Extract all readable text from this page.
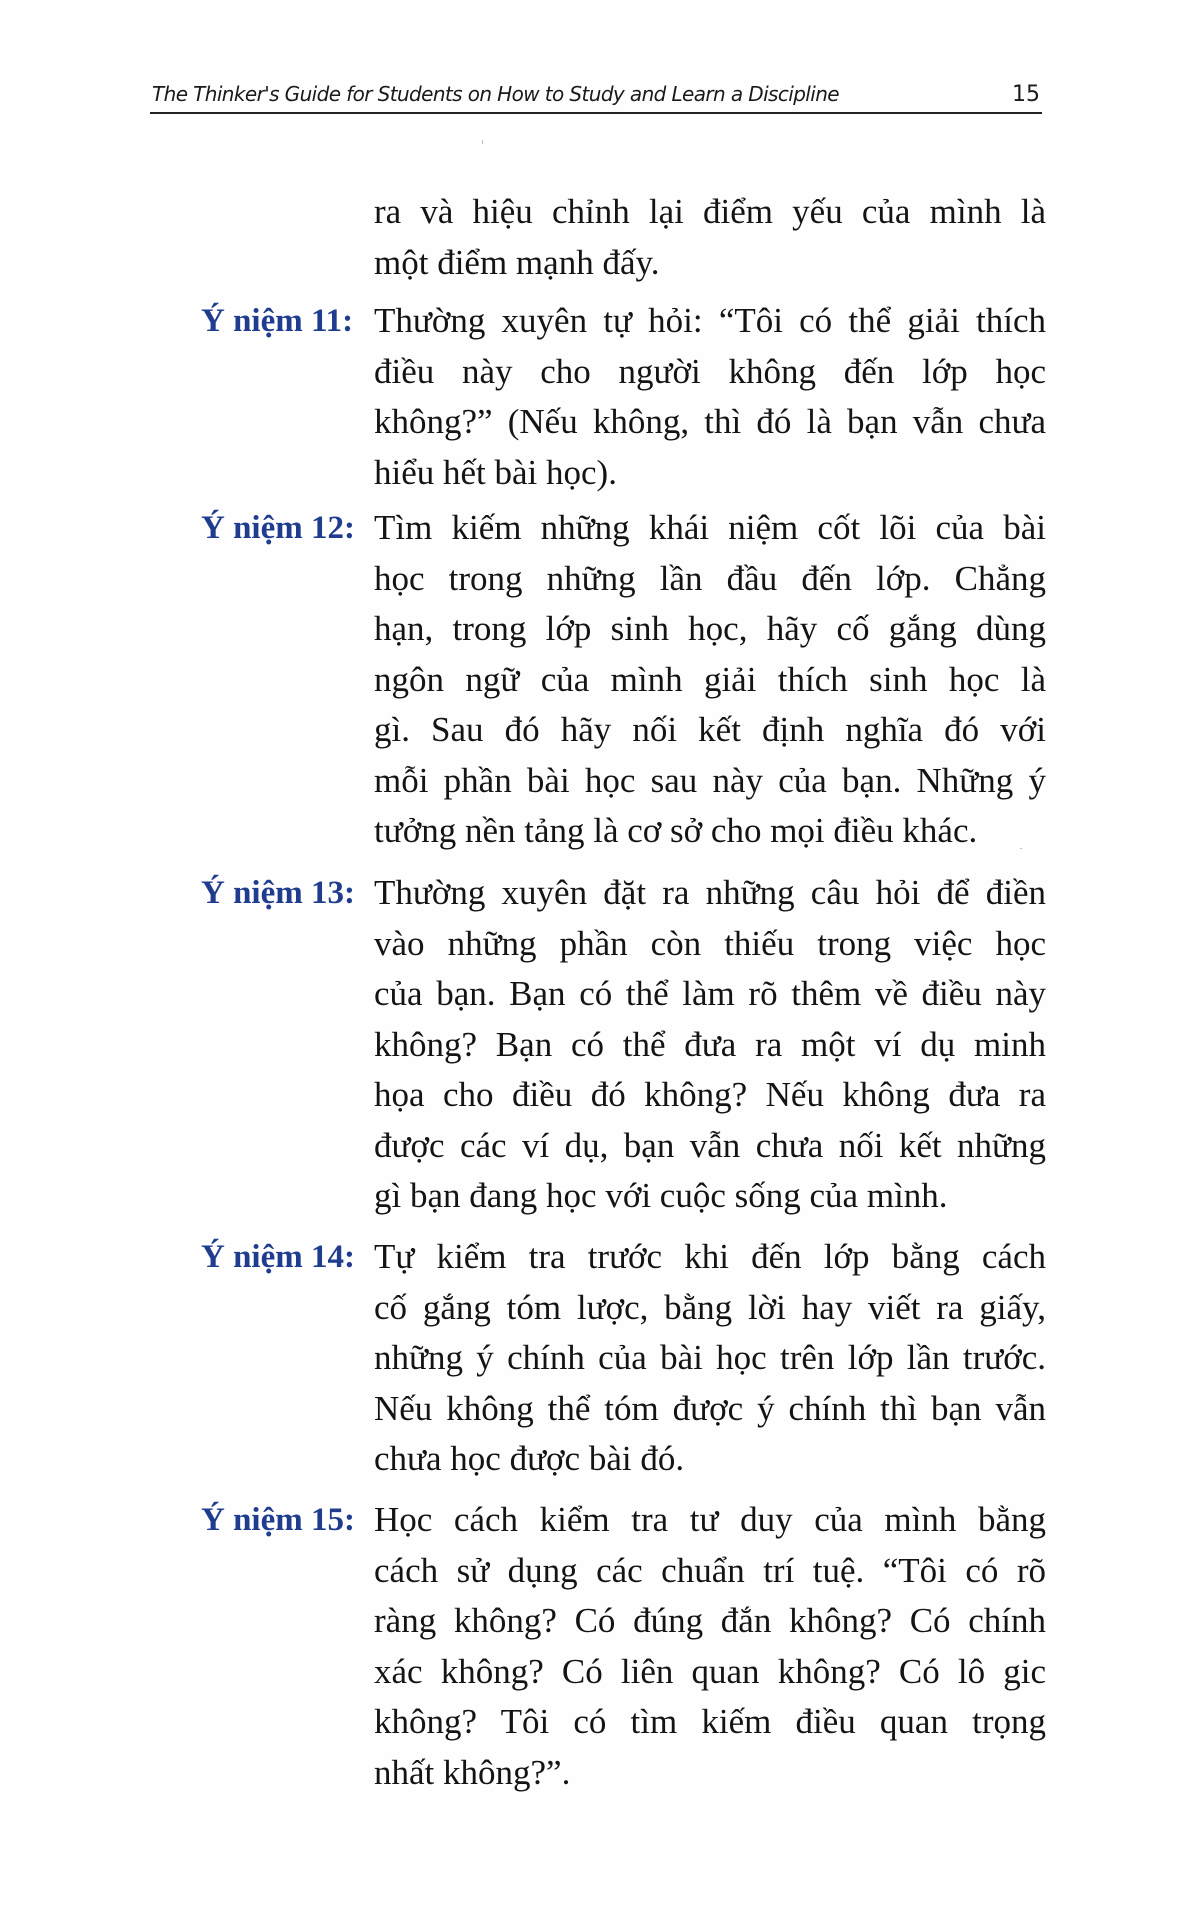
The Thinker's Guide for Students on How to Study and Learn a Discipline	15
ra và hiệu chỉnh lại điểm yếu của mình là
một điểm mạnh đấy.
Ý niệm 11: Thường xuyên tự hỏi: “Tôi có thể giải thích
điều này cho người không đến lớp học
không?” (Nếu không, thì đó là bạn vẫn chưa
hiểu hết bài học).
Ý niệm 12: Tìm kiếm những khái niệm cốt lõi của bài
học trong những lần đầu đến lớp. Chẳng
hạn, trong lớp sinh học, hãy cố gắng dùng
ngôn ngữ của mình giải thích sinh học là
gì. Sau đó hãy nối kết định nghĩa đó với
mỗi phần bài học sau này của bạn. Những ý
tưởng nền tảng là cơ sở cho mọi điều khác.
Ý niệm 13: Thường xuyên đặt ra những câu hỏi để điền
vào những phần còn thiếu trong việc học
của bạn. Bạn có thể làm rõ thêm về điều này
không? Bạn có thể đưa ra một ví dụ minh
họa cho điều đó không? Nếu không đưa ra
được các ví dụ, bạn vẫn chưa nối kết những
gì bạn đang học với cuộc sống của mình.
Ý niệm 14: Tự kiểm tra trước khi đến lớp bằng cách
cố gắng tóm lược, bằng lời hay viết ra giấy,
những ý chính của bài học trên lớp lần trước.
Nếu không thể tóm được ý chính thì bạn vẫn
chưa học được bài đó.
Ý niệm 15: Học cách kiểm tra tư duy của mình bằng
cách sử dụng các chuẩn trí tuệ. “Tôi có rõ
ràng không? Có đúng đắn không? Có chính
xác không? Có liên quan không? Có lô gic
không? Tôi có tìm kiếm điều quan trọng
nhất không?”.
